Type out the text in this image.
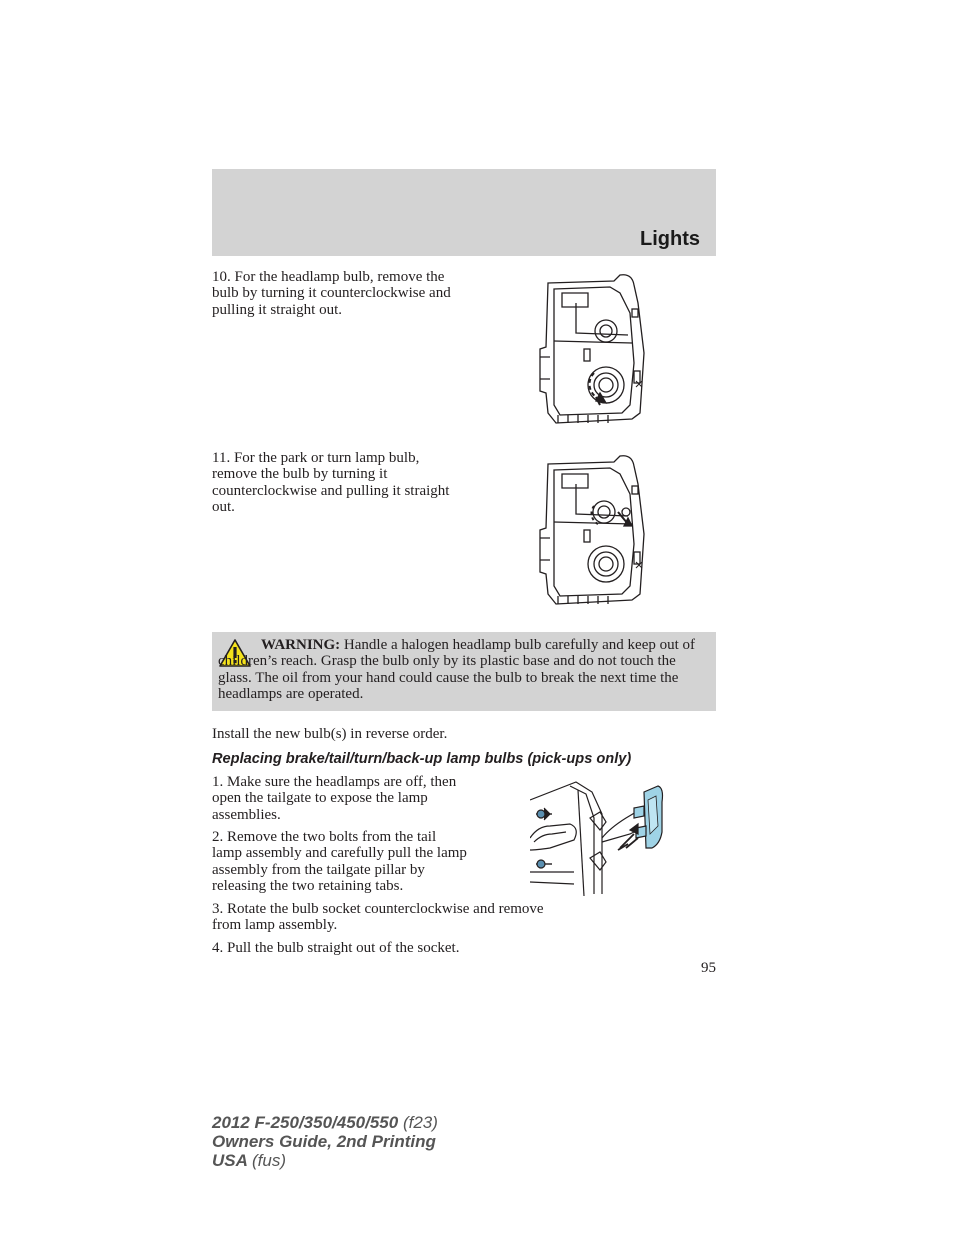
Lights

10. For the headlamp bulb, remove the bulb by turning it counterclockwise and pulling it straight out.

11. For the park or turn lamp bulb, remove the bulb by turning it counterclockwise and pulling it straight out.

WARNING: Handle a halogen headlamp bulb carefully and keep out of children’s reach. Grasp the bulb only by its plastic base and do not touch the glass. The oil from your hand could cause the bulb to break the next time the headlamps are operated.

Install the new bulb(s) in reverse order.

Replacing brake/tail/turn/back-up lamp bulbs (pick-ups only)

1. Make sure the headlamps are off, then open the tailgate to expose the lamp assemblies.

2. Remove the two bolts from the tail lamp assembly and carefully pull the lamp assembly from the tailgate pillar by releasing the two retaining tabs.

3. Rotate the bulb socket counterclockwise and remove from lamp assembly.

4. Pull the bulb straight out of the socket.

95
2012 F-250/350/450/550 (f23)
Owners Guide, 2nd Printing
USA (fus)
